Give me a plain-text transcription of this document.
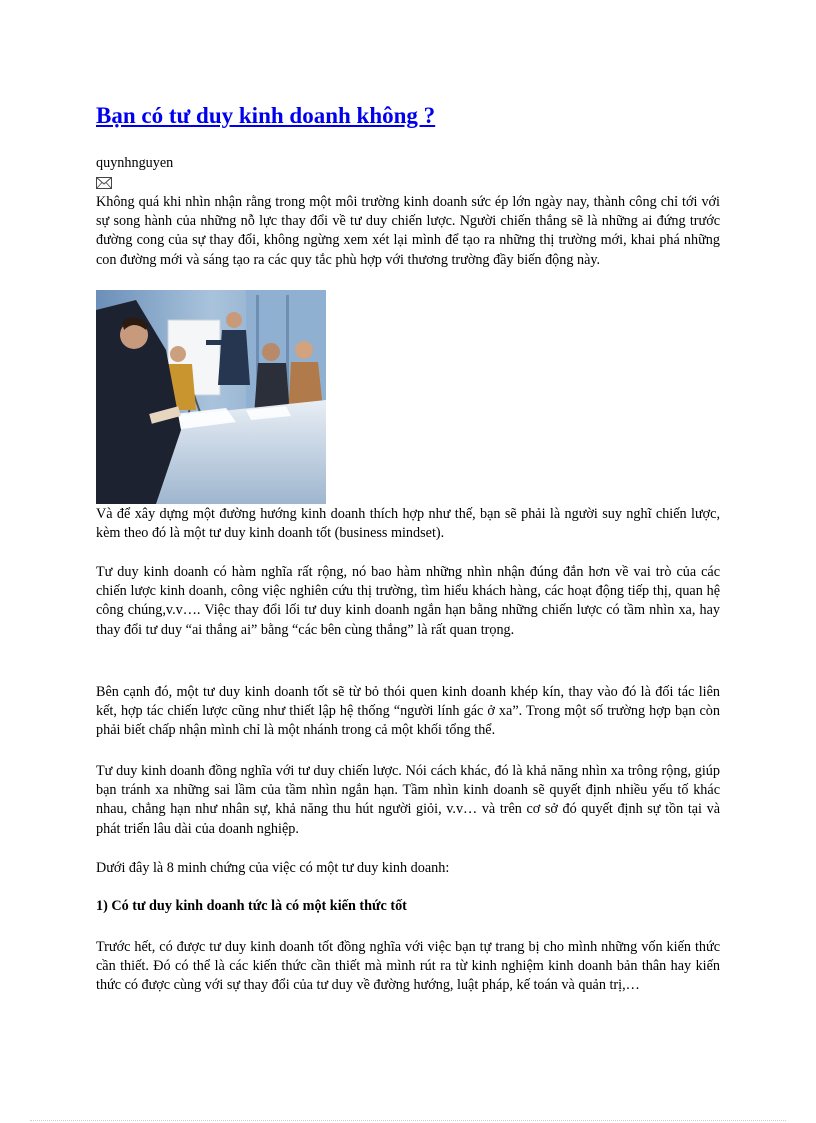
Bạn có tư duy kinh doanh không ?
quynhnguyen

Không quá khi nhìn nhận rằng trong một môi trường kinh doanh sức ép lớn ngày nay, thành công chỉ tới với sự song hành của những nỗ lực thay đổi về tư duy chiến lược. Người chiến thắng sẽ là những ai đứng trước đường cong của sự thay đổi, không ngừng xem xét lại mình để tạo ra những thị trường mới, khai phá những con đường mới và sáng tạo ra các quy tắc phù hợp với thương trường đầy biến động này.

Và để xây dựng một đường hướng kinh doanh thích hợp như thế, bạn sẽ phải là người suy nghĩ chiến lược, kèm theo đó là một tư duy kinh doanh tốt (business mindset).

Tư duy kinh doanh có hàm nghĩa rất rộng, nó bao hàm những nhìn nhận đúng đắn hơn về vai trò của các chiến lược kinh doanh, công việc nghiên cứu thị trường, tìm hiểu khách hàng, các hoạt động tiếp thị, quan hệ công chúng,v.v…. Việc thay đổi lối tư duy kinh doanh ngắn hạn bằng những chiến lược có tầm nhìn xa, hay thay đổi tư duy “ai thắng ai” bằng “các bên cùng thắng” là rất quan trọng.

Bên cạnh đó, một tư duy kinh doanh tốt sẽ từ bỏ thói quen kinh doanh khép kín, thay vào đó là đối tác liên kết, hợp tác chiến lược cũng như thiết lập hệ thống “người lính gác ở xa”. Trong một số trường hợp bạn còn phải biết chấp nhận mình chỉ là một nhánh trong cả một khối tổng thể.

Tư duy kinh doanh đồng nghĩa với tư duy chiến lược. Nói cách khác, đó là khả năng nhìn xa trông rộng, giúp bạn tránh xa những sai lầm của tầm nhìn ngắn hạn. Tầm nhìn kinh doanh sẽ quyết định nhiều yếu tố khác nhau, chẳng hạn như nhân sự, khả năng thu hút người giỏi, v.v… và trên cơ sở đó quyết định sự tồn tại và phát triển lâu dài của doanh nghiệp.

Dưới đây là 8 minh chứng của việc có một tư duy kinh doanh:

1) Có tư duy kinh doanh tức là có một kiến thức tốt

Trước hết, có được tư duy kinh doanh tốt đồng nghĩa với việc bạn tự trang bị cho mình những vốn kiến thức cần thiết. Đó có thể là các kiến thức cần thiết mà mình rút ra từ kinh nghiệm kinh doanh bản thân hay kiến thức có được cùng với sự thay đổi của tư duy về đường hướng, luật pháp, kế toán và quản trị,…
